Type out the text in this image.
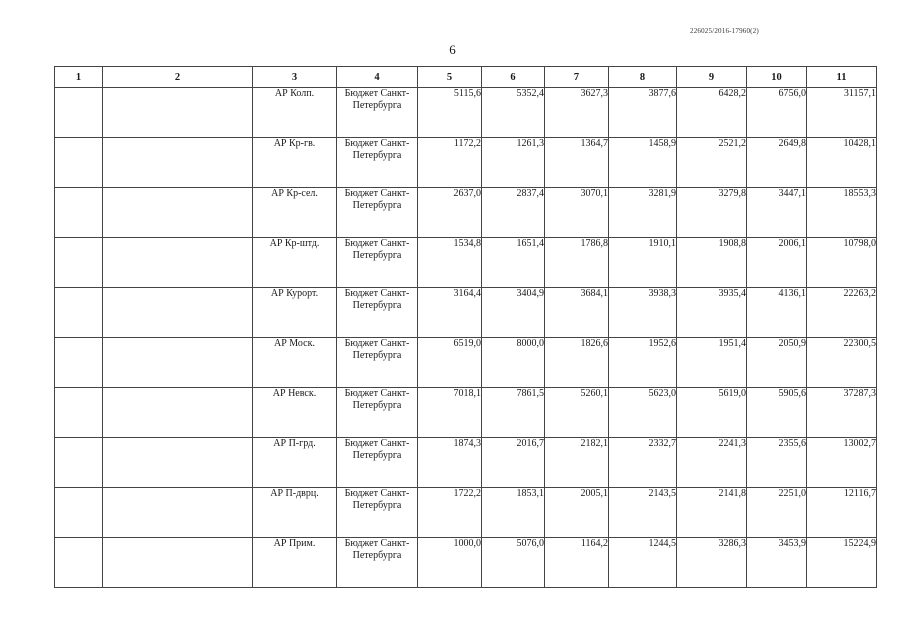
226025/2016-17960(2)
6
1	2	3	4	5	6	7	8	9	10	11
		АР Колп.	Бюджет Санкт-Петербурга	5115,6	5352,4	3627,3	3877,6	6428,2	6756,0	31157,1
		АР Кр-гв.	Бюджет Санкт-Петербурга	1172,2	1261,3	1364,7	1458,9	2521,2	2649,8	10428,1
		АР Кр-сел.	Бюджет Санкт-Петербурга	2637,0	2837,4	3070,1	3281,9	3279,8	3447,1	18553,3
		АР Кр-штд.	Бюджет Санкт-Петербурга	1534,8	1651,4	1786,8	1910,1	1908,8	2006,1	10798,0
		АР Курорт.	Бюджет Санкт-Петербурга	3164,4	3404,9	3684,1	3938,3	3935,4	4136,1	22263,2
		АР Моск.	Бюджет Санкт-Петербурга	6519,0	8000,0	1826,6	1952,6	1951,4	2050,9	22300,5
		АР Невск.	Бюджет Санкт-Петербурга	7018,1	7861,5	5260,1	5623,0	5619,0	5905,6	37287,3
		АР П-грд.	Бюджет Санкт-Петербурга	1874,3	2016,7	2182,1	2332,7	2241,3	2355,6	13002,7
		АР П-дврц.	Бюджет Санкт-Петербурга	1722,2	1853,1	2005,1	2143,5	2141,8	2251,0	12116,7
		АР Прим.	Бюджет Санкт-Петербурга	1000,0	5076,0	1164,2	1244,5	3286,3	3453,9	15224,9
